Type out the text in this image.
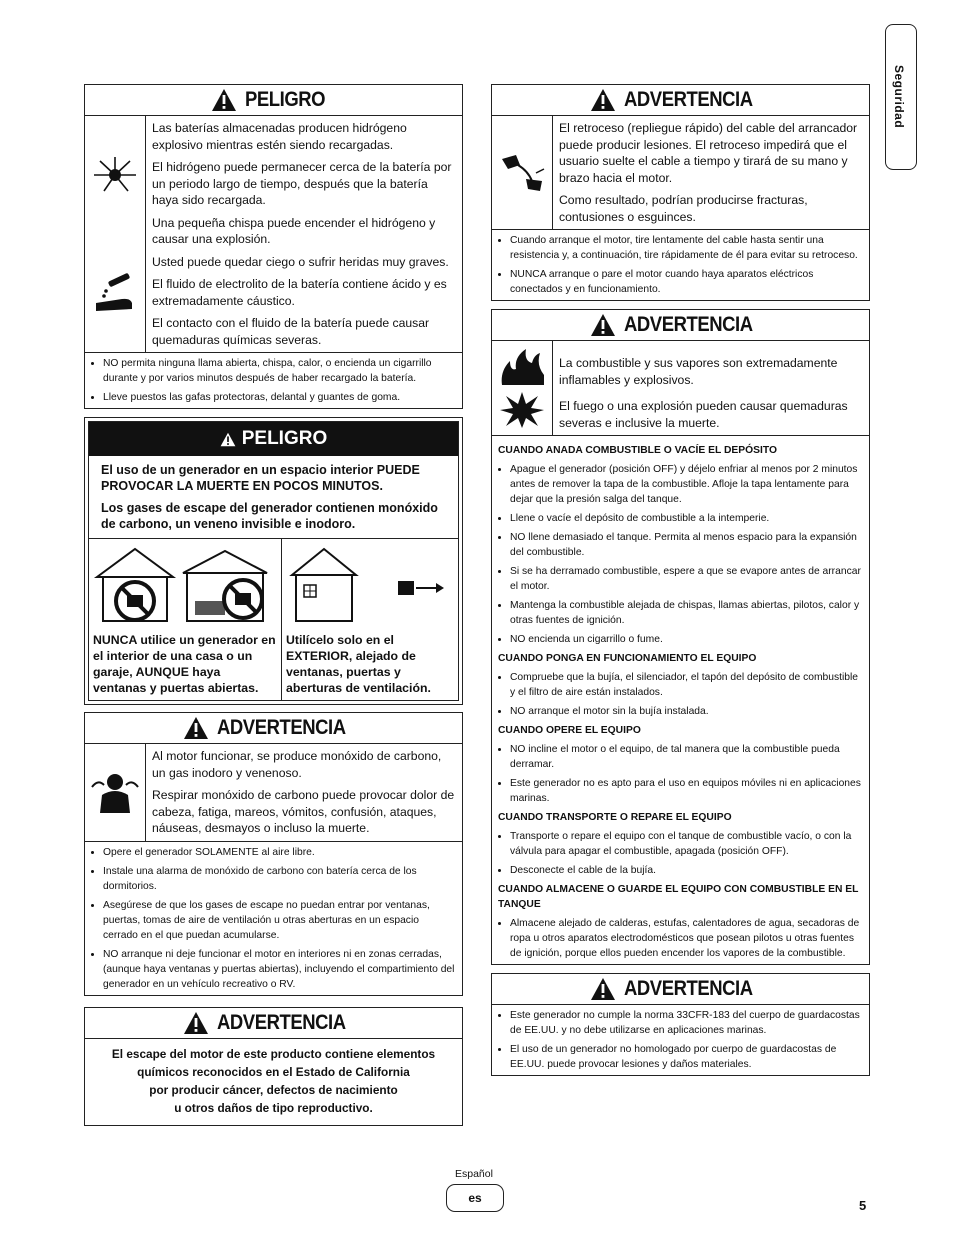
Seguridad
PELIGRO

Las baterías almacenadas producen hidrógeno explosivo mientras estén siendo recargadas.

El hidrógeno puede permanecer cerca de la batería por un periodo largo de tiempo, después que la batería haya sido recargada.

Una pequeña chispa puede encender el hidrógeno y causar una explosión.

Usted puede quedar ciego o sufrir heridas muy graves.

El fluido de electrolito de la batería contiene ácido y es extremadamente cáustico.

El contacto con el fluido de la batería puede causar quemaduras químicas severas.

• NO permita ninguna llama abierta, chispa, calor, o encienda un cigarrillo durante y por varios minutos después de haber recargado la batería.
• Lleve puestos las gafas protectoras, delantal y guantes de goma.
PELIGRO

El uso de un generador en un espacio interior PUEDE PROVOCAR LA MUERTE EN POCOS MINUTOS.

Los gases de escape del generador contienen monóxido de carbono, un veneno invisible e inodoro.

NUNCA utilice un generador en el interior de una casa o un garaje, AUNQUE haya ventanas y puertas abiertas.
Utilícelo solo en el EXTERIOR, alejado de ventanas, puertas y aberturas de ventilación.
ADVERTENCIA

Al motor funcionar, se produce monóxido de carbono, un gas inodoro y venenoso.

Respirar monóxido de carbono puede provocar dolor de cabeza, fatiga, mareos, vómitos, confusión, ataques, náuseas, desmayos o incluso la muerte.

• Opere el generador SOLAMENTE al aire libre.
• Instale una alarma de monóxido de carbono con batería cerca de los dormitorios.
• Asegúrese de que los gases de escape no puedan entrar por ventanas, puertas, tomas de aire de ventilación u otras aberturas en un espacio cerrado en el que puedan acumularse.
• NO arranque ni deje funcionar el motor en interiores ni en zonas cerradas, (aunque haya ventanas y puertas abiertas), incluyendo el compartimiento del generador en un vehículo recreativo o RV.
ADVERTENCIA
El escape del motor de este producto contiene elementos
químicos reconocidos en el Estado de California
por producir cáncer, defectos de nacimiento
u otros daños de tipo reproductivo.
ADVERTENCIA

El retroceso (repliegue rápido) del cable del arrancador puede producir lesiones. El retroceso impedirá que el usuario suelte el cable a tiempo y tirará de su mano y brazo hacia el motor.

Como resultado, podrían producirse fracturas, contusiones o esguinces.

• Cuando arranque el motor, tire lentamente del cable hasta sentir una resistencia y, a continuación, tire rápidamente de él para evitar su retroceso.
• NUNCA arranque o pare el motor cuando haya aparatos eléctricos conectados y en funcionamiento.
ADVERTENCIA

La combustible y sus vapores son extremadamente inflamables y explosivos.

El fuego o una explosión pueden causar quemaduras severas e inclusive la muerte.

CUANDO ANADA COMBUSTIBLE O VACÍE EL DEPÓSITO
• Apague el generador (posición OFF) y déjelo enfriar al menos por 2 minutos antes de remover la tapa de la combustible. Afloje la tapa lentamente para dejar que la presión salga del tanque.
• Llene o vacíe el depósito de combustible a la intemperie.
• NO llene demasiado el tanque. Permita al menos espacio para la expansión del combustible.
• Si se ha derramado combustible, espere a que se evapore antes de arrancar el motor.
• Mantenga la combustible alejada de chispas, llamas abiertas, pilotos, calor y otras fuentes de ignición.
• NO encienda un cigarrillo o fume.
CUANDO PONGA EN FUNCIONAMIENTO EL EQUIPO
• Compruebe que la bujía, el silenciador, el tapón del depósito de combustible y el filtro de aire están instalados.
• NO arranque el motor sin la bujía instalada.
CUANDO OPERE EL EQUIPO
• NO incline el motor o el equipo, de tal manera que la combustible pueda derramar.
• Este generador no es apto para el uso en equipos móviles ni en aplicaciones marinas.
CUANDO TRANSPORTE O REPARE EL EQUIPO
• Transporte o repare el equipo con el tanque de combustible vacío, o con la válvula para apagar el combustible, apagada (posición OFF).
• Desconecte el cable de la bujía.
CUANDO ALMACENE O GUARDE EL EQUIPO CON COMBUSTIBLE EN EL TANQUE
• Almacene alejado de calderas, estufas, calentadores de agua, secadoras de ropa u otros aparatos electrodomésticos que posean pilotos u otras fuentes de ignición, porque ellos pueden encender los vapores de la combustible.
ADVERTENCIA
• Este generador no cumple la norma 33CFR-183 del cuerpo de guardacostas de EE.UU. y no debe utilizarse en aplicaciones marinas.
• El uso de un generador no homologado por cuerpo de guardacostas de EE.UU. puede provocar lesiones y daños materiales.
Español
es	5
